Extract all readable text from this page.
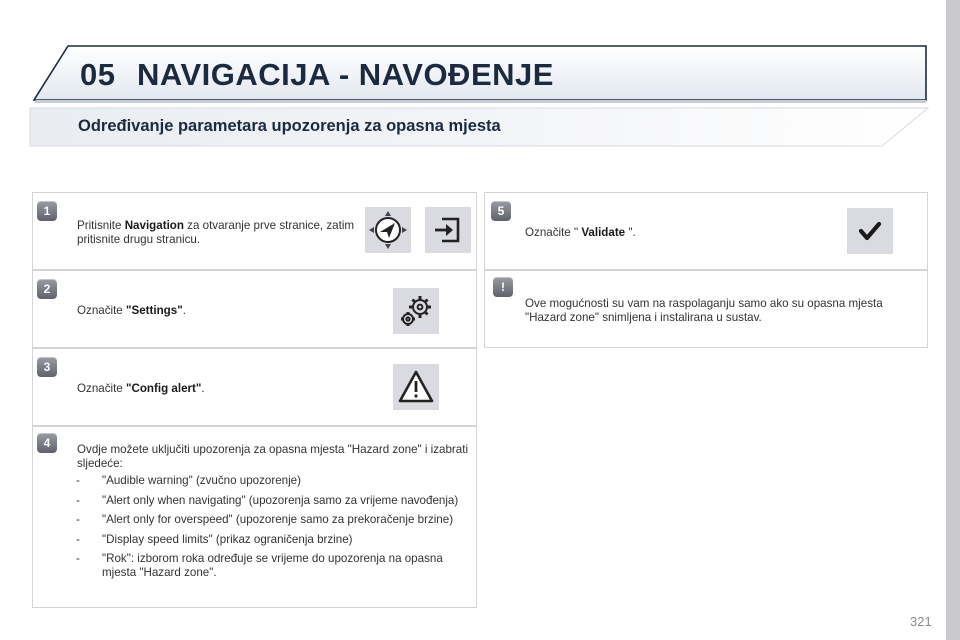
05 NAVIGACIJA - NAVOĐENJE
Određivanje parametara upozorenja za opasna mjesta
1
Pritisnite Navigation za otvaranje prve stranice, zatim pritisnite drugu stranicu.
2
Označite "Settings".
3
Označite "Config alert".
4	Ovdje možete uključiti upozorenja za opasna mjesta "Hazard zone" i izabrati sljedeće:
- "Audible warning" (zvučno upozorenje)
- "Alert only when navigating" (upozorenja samo za vrijeme navođenja)
- "Alert only for overspeed" (upozorenje samo za prekoračenje brzine)
- "Display speed limits" (prikaz ograničenja brzine)
- "Rok": izborom roka određuje se vrijeme do upozorenja na opasna mjesta "Hazard zone".
5
Označite " Validate ".
!
Ove mogućnosti su vam na raspolaganju samo ako su opasna mjesta "Hazard zone" snimljena i instalirana u sustav.
321
